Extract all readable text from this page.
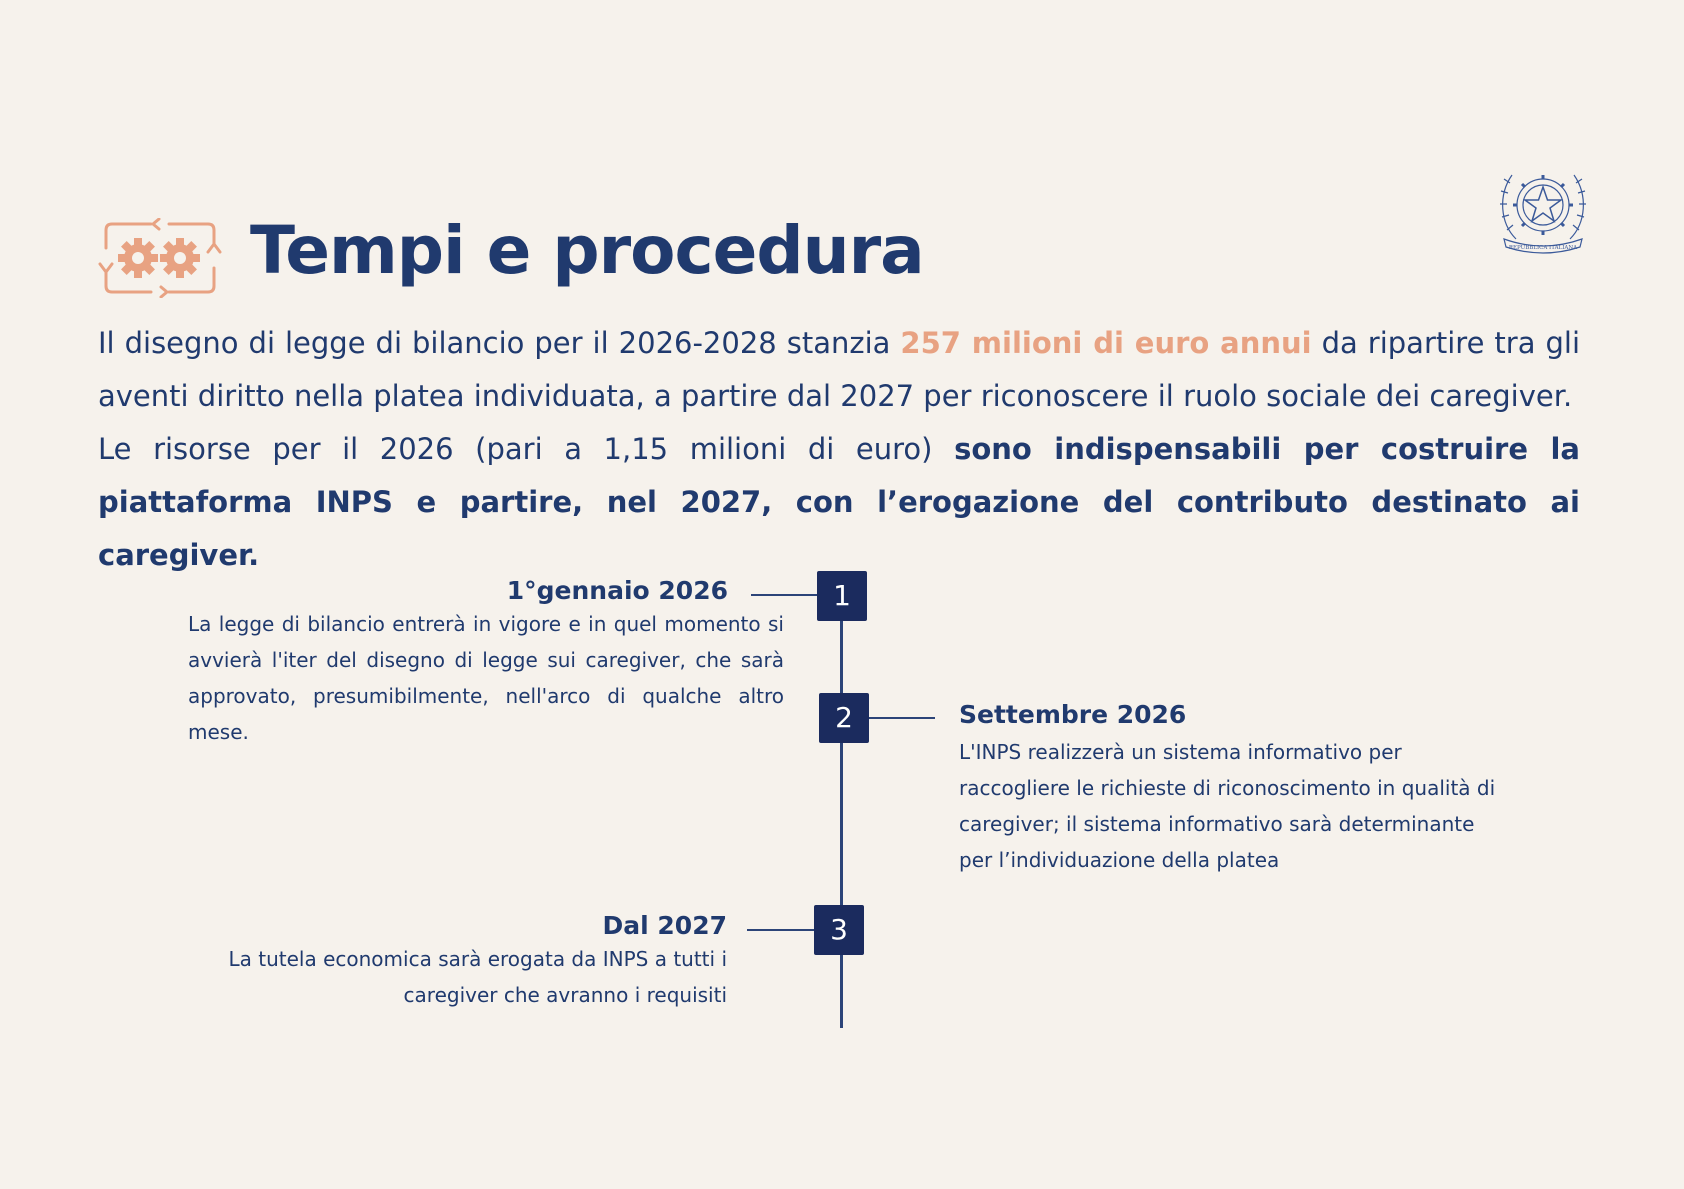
REPUBBLICA ITALIANA
Tempi e procedura

Il disegno di legge di bilancio per il 2026-2028 stanzia 257 milioni di euro annui da ripartire tra gli aventi diritto nella platea individuata, a partire dal 2027 per riconoscere il ruolo sociale dei caregiver.

Le risorse per il 2026 (pari a 1,15 milioni di euro) sono indispensabili per costruire la piattaforma INPS e partire, nel 2027, con l’erogazione del contributo destinato ai caregiver.

1
1°gennaio 2026

La legge di bilancio entrerà in vigore e in quel momento si avvierà l'iter del disegno di legge sui caregiver, che sarà approvato, presumibilmente, nell'arco di qualche altro mese.	2	Settembre 2026

L'INPS realizzerà un sistema informativo per raccogliere le richieste di riconoscimento in qualità di caregiver; il sistema informativo sarà determinante per l’individuazione della platea

3
Dal 2027

La tutela economica sarà erogata da INPS a tutti i caregiver che avranno i requisiti
